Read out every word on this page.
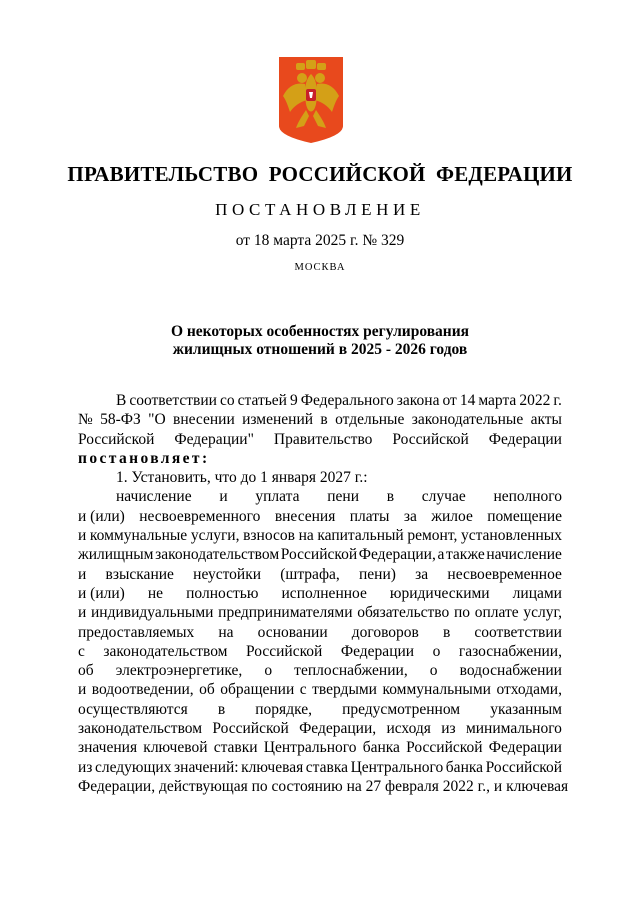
ПРАВИТЕЛЬСТВО РОССИЙСКОЙ ФЕДЕРАЦИИ
ПОСТАНОВЛЕНИЕ
от 18 марта 2025 г. № 329
МОСКВА
О некоторых особенностях регулирования
жилищных отношений в 2025 - 2026 годов
В соответствии со статьей 9 Федерального закона от 14 марта 2022 г.
№ 58-ФЗ "О внесении изменений в отдельные законодательные акты
Российской Федерации" Правительство Российской Федерации
постановляет:
1. Установить, что до 1 января 2027 г.:
начисление и уплата пени в случае неполного
и (или) несвоевременного внесения платы за жилое помещение
и коммунальные услуги, взносов на капитальный ремонт, установленных
жилищным законодательством Российской Федерации, а также начисление
и взыскание неустойки (штрафа, пени) за несвоевременное
и (или) не полностью исполненное юридическими лицами
и индивидуальными предпринимателями обязательство по оплате услуг,
предоставляемых на основании договоров в соответствии
с законодательством Российской Федерации о газоснабжении,
об электроэнергетике, о теплоснабжении, о водоснабжении
и водоотведении, об обращении с твердыми коммунальными отходами,
осуществляются в порядке, предусмотренном указанным
законодательством Российской Федерации, исходя из минимального
значения ключевой ставки Центрального банка Российской Федерации
из следующих значений: ключевая ставка Центрального банка Российской
Федерации, действующая по состоянию на 27 февраля 2022 г., и ключевая
